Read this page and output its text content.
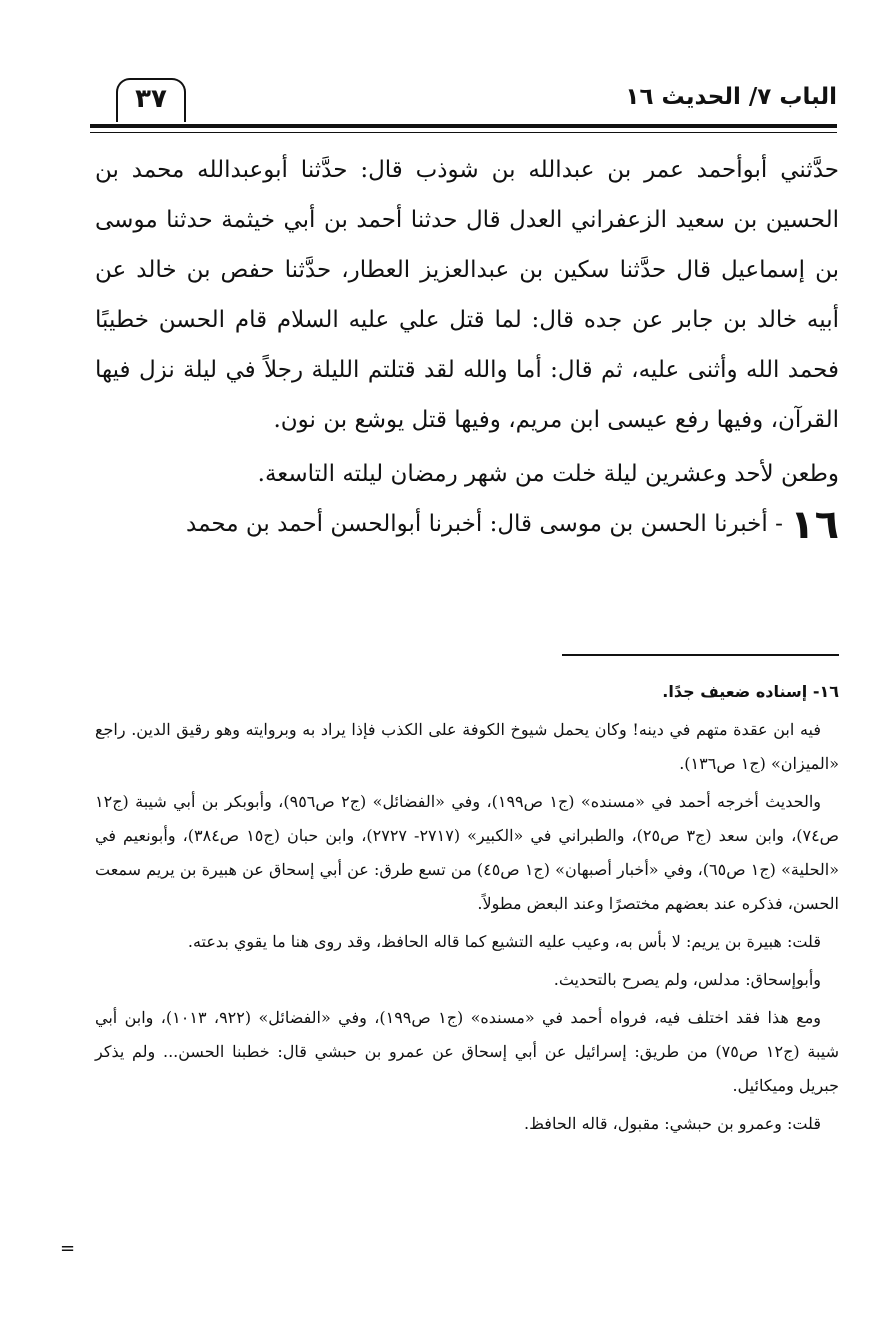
الباب ٧/ الحديث ١٦
٣٧

حدَّثني أبوأحمد عمر بن عبدالله بن شوذب قال: حدَّثنا أبوعبدالله محمد بن الحسين بن سعيد الزعفراني العدل قال حدثنا أحمد بن أبي خيثمة حدثنا موسى بن إسماعيل قال حدَّثنا سكين بن عبدالعزيز العطار، حدَّثنا حفص بن خالد عن أبيه خالد بن جابر عن جده قال: لما قتل علي عليه السلام قام الحسن خطيبًا فحمد الله وأثنى عليه، ثم قال: أما والله لقد قتلتم الليلة رجلاً في ليلة نزل فيها القرآن، وفيها رفع عيسى ابن مريم، وفيها قتل يوشع بن نون.

وطعن لأحد وعشرين ليلة خلت من شهر رمضان ليلته التاسعة.

١٦ - أخبرنا الحسن بن موسى قال: أخبرنا أبوالحسن أحمد بن محمد

١٦- إسناده ضعيف جدًا.

فيه ابن عقدة متهم في دينه! وكان يحمل شيوخ الكوفة على الكذب فإذا يراد به وبروايته وهو رقيق الدين. راجع «الميزان» (ج١ ص١٣٦).

والحديث أخرجه أحمد في «مسنده» (ج١ ص١٩٩)، وفي «الفضائل» (ج٢ ص٩٥٦)، وأبوبكر بن أبي شيبة (ج١٢ ص٧٤)، وابن سعد (ج٣ ص٢٥)، والطبراني في «الكبير» (٢٧١٧- ٢٧٢٧)، وابن حبان (ج١٥ ص٣٨٤)، وأبونعيم في «الحلية» (ج١ ص٦٥)، وفي «أخبار أصبهان» (ج١ ص٤٥) من تسع طرق: عن أبي إسحاق عن هبيرة بن يريم سمعت الحسن، فذكره عند بعضهم مختصرًا وعند البعض مطولاً.

قلت: هبيرة بن يريم: لا بأس به، وعيب عليه التشيع كما قاله الحافظ، وقد روى هنا ما يقوي بدعته.

وأبوإسحاق: مدلس، ولم يصرح بالتحديث.

ومع هذا فقد اختلف فيه، فرواه أحمد في «مسنده» (ج١ ص١٩٩)، وفي «الفضائل» (٩٢٢، ١٠١٣)، وابن أبي شيبة (ج١٢ ص٧٥) من طريق: إسرائيل عن أبي إسحاق عن عمرو بن حبشي قال: خطبنا الحسن... ولم يذكر جبريل وميكائيل.

قلت: وعمرو بن حبشي: مقبول، قاله الحافظ.

=
